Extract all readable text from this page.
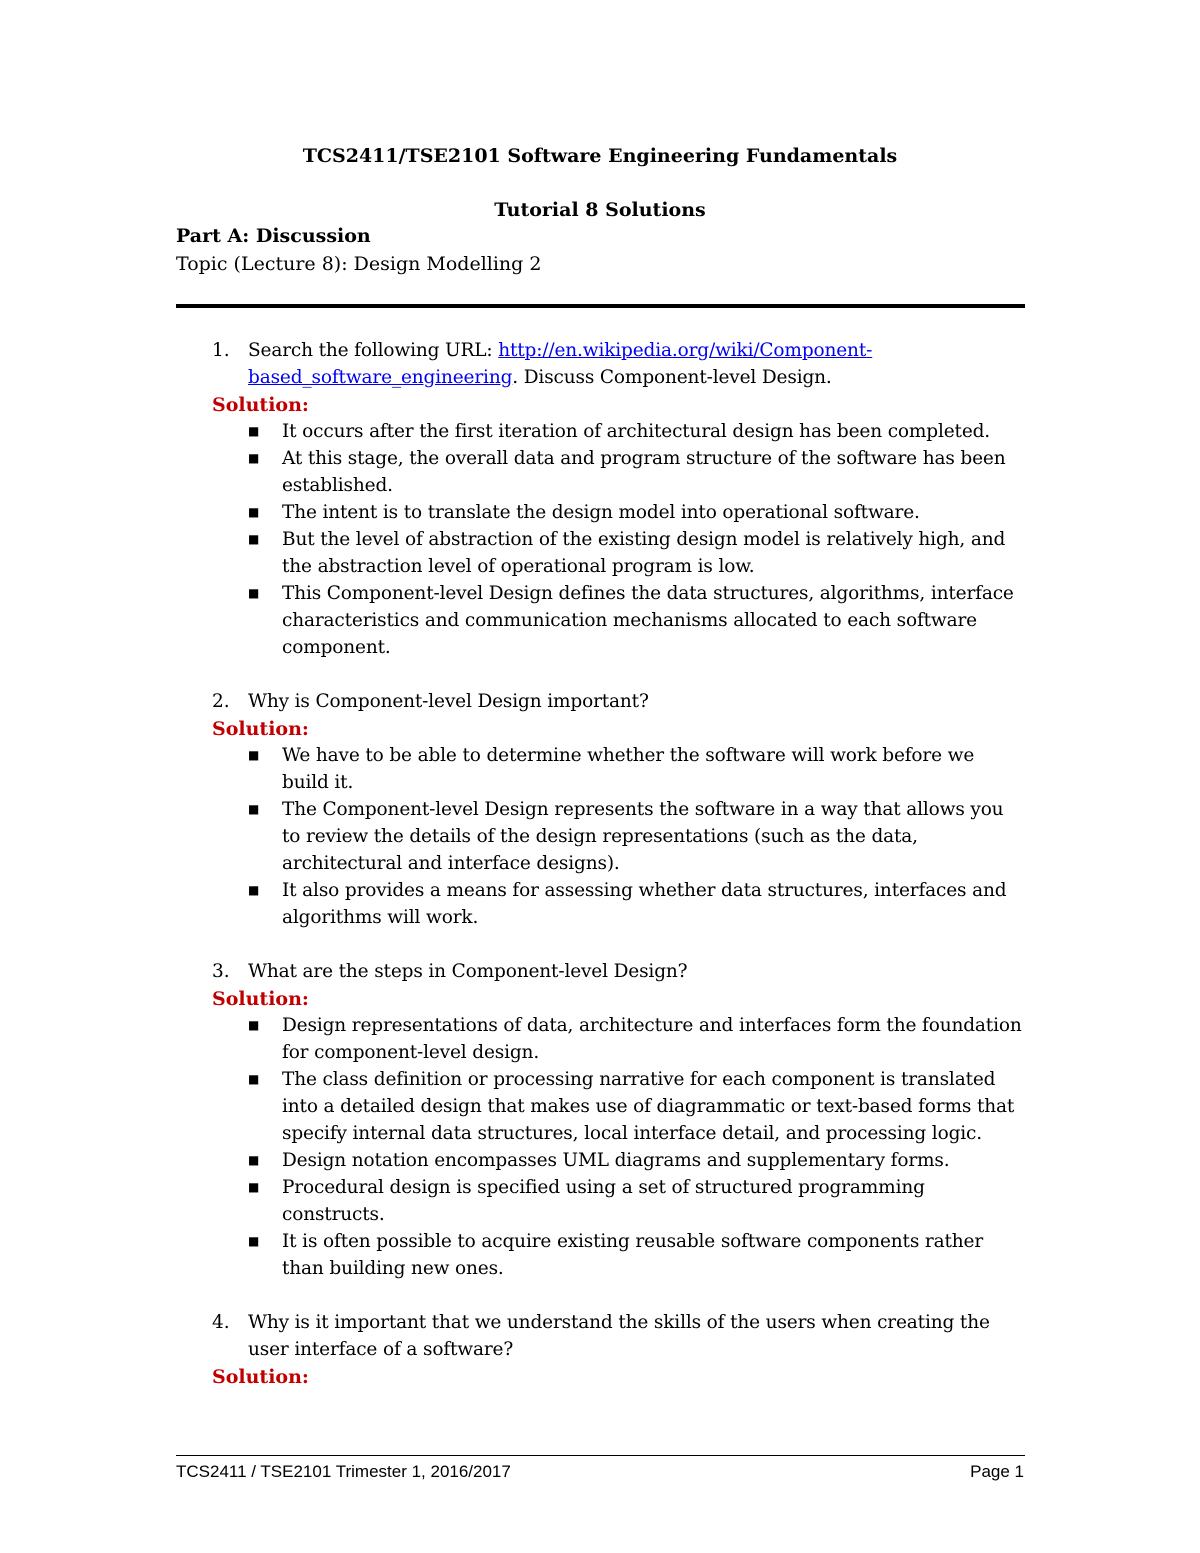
TCS2411/TSE2101 Software Engineering Fundamentals
Tutorial 8 Solutions
Part A: Discussion
Topic (Lecture 8): Design Modelling 2
1. Search the following URL: http://en.wikipedia.org/wiki/Component-
based_software_engineering. Discuss Component-level Design.
Solution:
■ It occurs after the first iteration of architectural design has been completed.
■ At this stage, the overall data and program structure of the software has been
established.
■ The intent is to translate the design model into operational software.
■ But the level of abstraction of the existing design model is relatively high, and
the abstraction level of operational program is low.
■ This Component-level Design defines the data structures, algorithms, interface
characteristics and communication mechanisms allocated to each software
component.
2. Why is Component-level Design important?
Solution:
■ We have to be able to determine whether the software will work before we
build it.
■ The Component-level Design represents the software in a way that allows you
to review the details of the design representations (such as the data,
architectural and interface designs).
■ It also provides a means for assessing whether data structures, interfaces and
algorithms will work.
3. What are the steps in Component-level Design?
Solution:
■ Design representations of data, architecture and interfaces form the foundation
for component-level design.
■ The class definition or processing narrative for each component is translated
into a detailed design that makes use of diagrammatic or text-based forms that
specify internal data structures, local interface detail, and processing logic.
■ Design notation encompasses UML diagrams and supplementary forms.
■ Procedural design is specified using a set of structured programming
constructs.
■ It is often possible to acquire existing reusable software components rather
than building new ones.
4. Why is it important that we understand the skills of the users when creating the
user interface of a software?
Solution:
TCS2411 / TSE2101 Trimester 1, 2016/2017	Page 1
